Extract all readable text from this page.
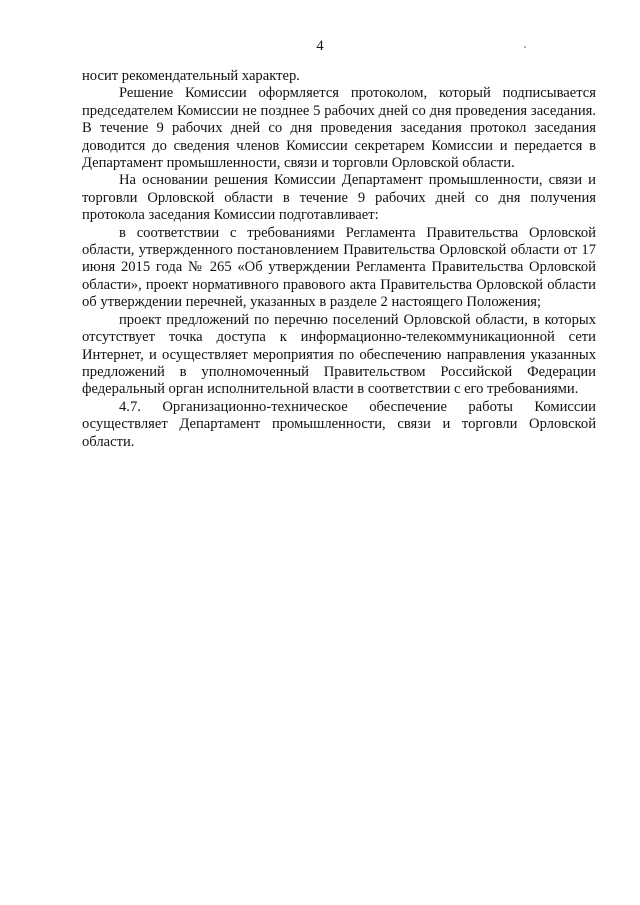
4

носит рекомендательный характер.

Решение Комиссии оформляется протоколом, который подписывается председателем Комиссии не позднее 5 рабочих дней со дня проведения заседания. В течение 9 рабочих дней со дня проведения заседания протокол заседания доводится до сведения членов Комиссии секретарем Комиссии и передается в Департамент промышленности, связи и торговли Орловской области.

На основании решения Комиссии Департамент промышленности, связи и торговли Орловской области в течение 9 рабочих дней со дня получения протокола заседания Комиссии подготавливает:

в соответствии с требованиями Регламента Правительства Орловской области, утвержденного постановлением Правительства Орловской области от 17 июня 2015 года № 265 «Об утверждении Регламента Правительства Орловской области», проект нормативного правового акта Правительства Орловской области об утверждении перечней, указанных в разделе 2 настоящего Положения;

проект предложений по перечню поселений Орловской области, в которых отсутствует точка доступа к информационно-телекоммуникационной сети Интернет, и осуществляет мероприятия по обеспечению направления указанных предложений в уполномоченный Правительством Российской Федерации федеральный орган исполнительной власти в соответствии с его требованиями.

4.7. Организационно-техническое обеспечение работы Комиссии осуществляет Департамент промышленности, связи и торговли Орловской области.
